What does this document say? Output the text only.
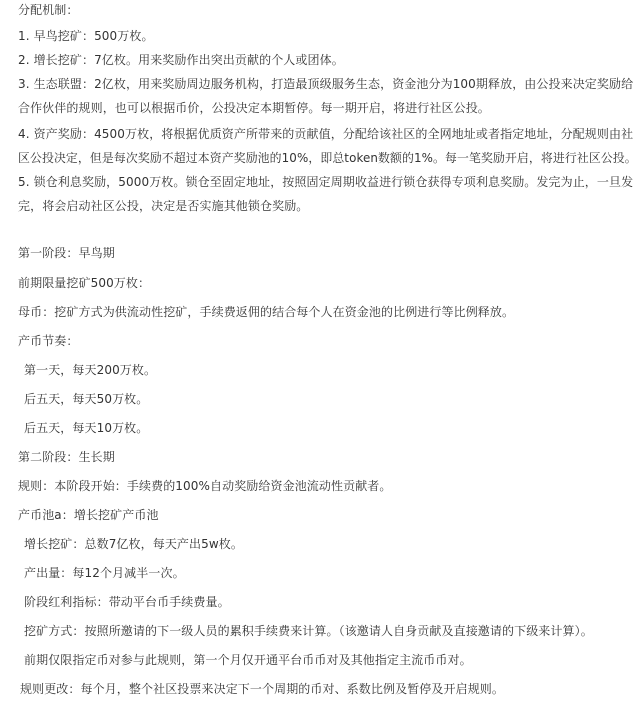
分配机制：
1. 早鸟挖矿：500万枚。
2. 增长挖矿：7亿枚。用来奖励作出突出贡献的个人或团体。
3. 生态联盟：2亿枚，用来奖励周边服务机构，打造最顶级服务生态，资金池分为100期释放，由公投来决定奖励给
合作伙伴的规则，也可以根据币价，公投决定本期暂停。每一期开启，将进行社区公投。
4. 资产奖励：4500万枚，将根据优质资产所带来的贡献值，分配给该社区的全网地址或者指定地址，分配规则由社
区公投决定，但是每次奖励不超过本资产奖励池的10%，即总token数额的1%。每一笔奖励开启，将进行社区公投。
5. 锁仓利息奖励，5000万枚。锁仓至固定地址，按照固定周期收益进行锁仓获得专项利息奖励。发完为止，一旦发
完，将会启动社区公投，决定是否实施其他锁仓奖励。
第一阶段：早鸟期
前期限量挖矿500万枚：
母币：挖矿方式为供流动性挖矿，手续费返佣的结合每个人在资金池的比例进行等比例释放。
产币节奏：
第一天，每天200万枚。
后五天，每天50万枚。
后五天，每天10万枚。
第二阶段：生长期
规则：本阶段开始：手续费的100%自动奖励给资金池流动性贡献者。
产币池a：增长挖矿产币池
增长挖矿：总数7亿枚，每天产出5w枚。
产出量：每12个月减半一次。
阶段红利指标：带动平台币手续费量。
挖矿方式：按照所邀请的下一级人员的累积手续费来计算。（该邀请人自身贡献及直接邀请的下级来计算）。
前期仅限指定币对参与此规则，第一个月仅开通平台币币对及其他指定主流币币对。
规则更改：每个月，整个社区投票来决定下一个周期的币对、系数比例及暂停及开启规则。
